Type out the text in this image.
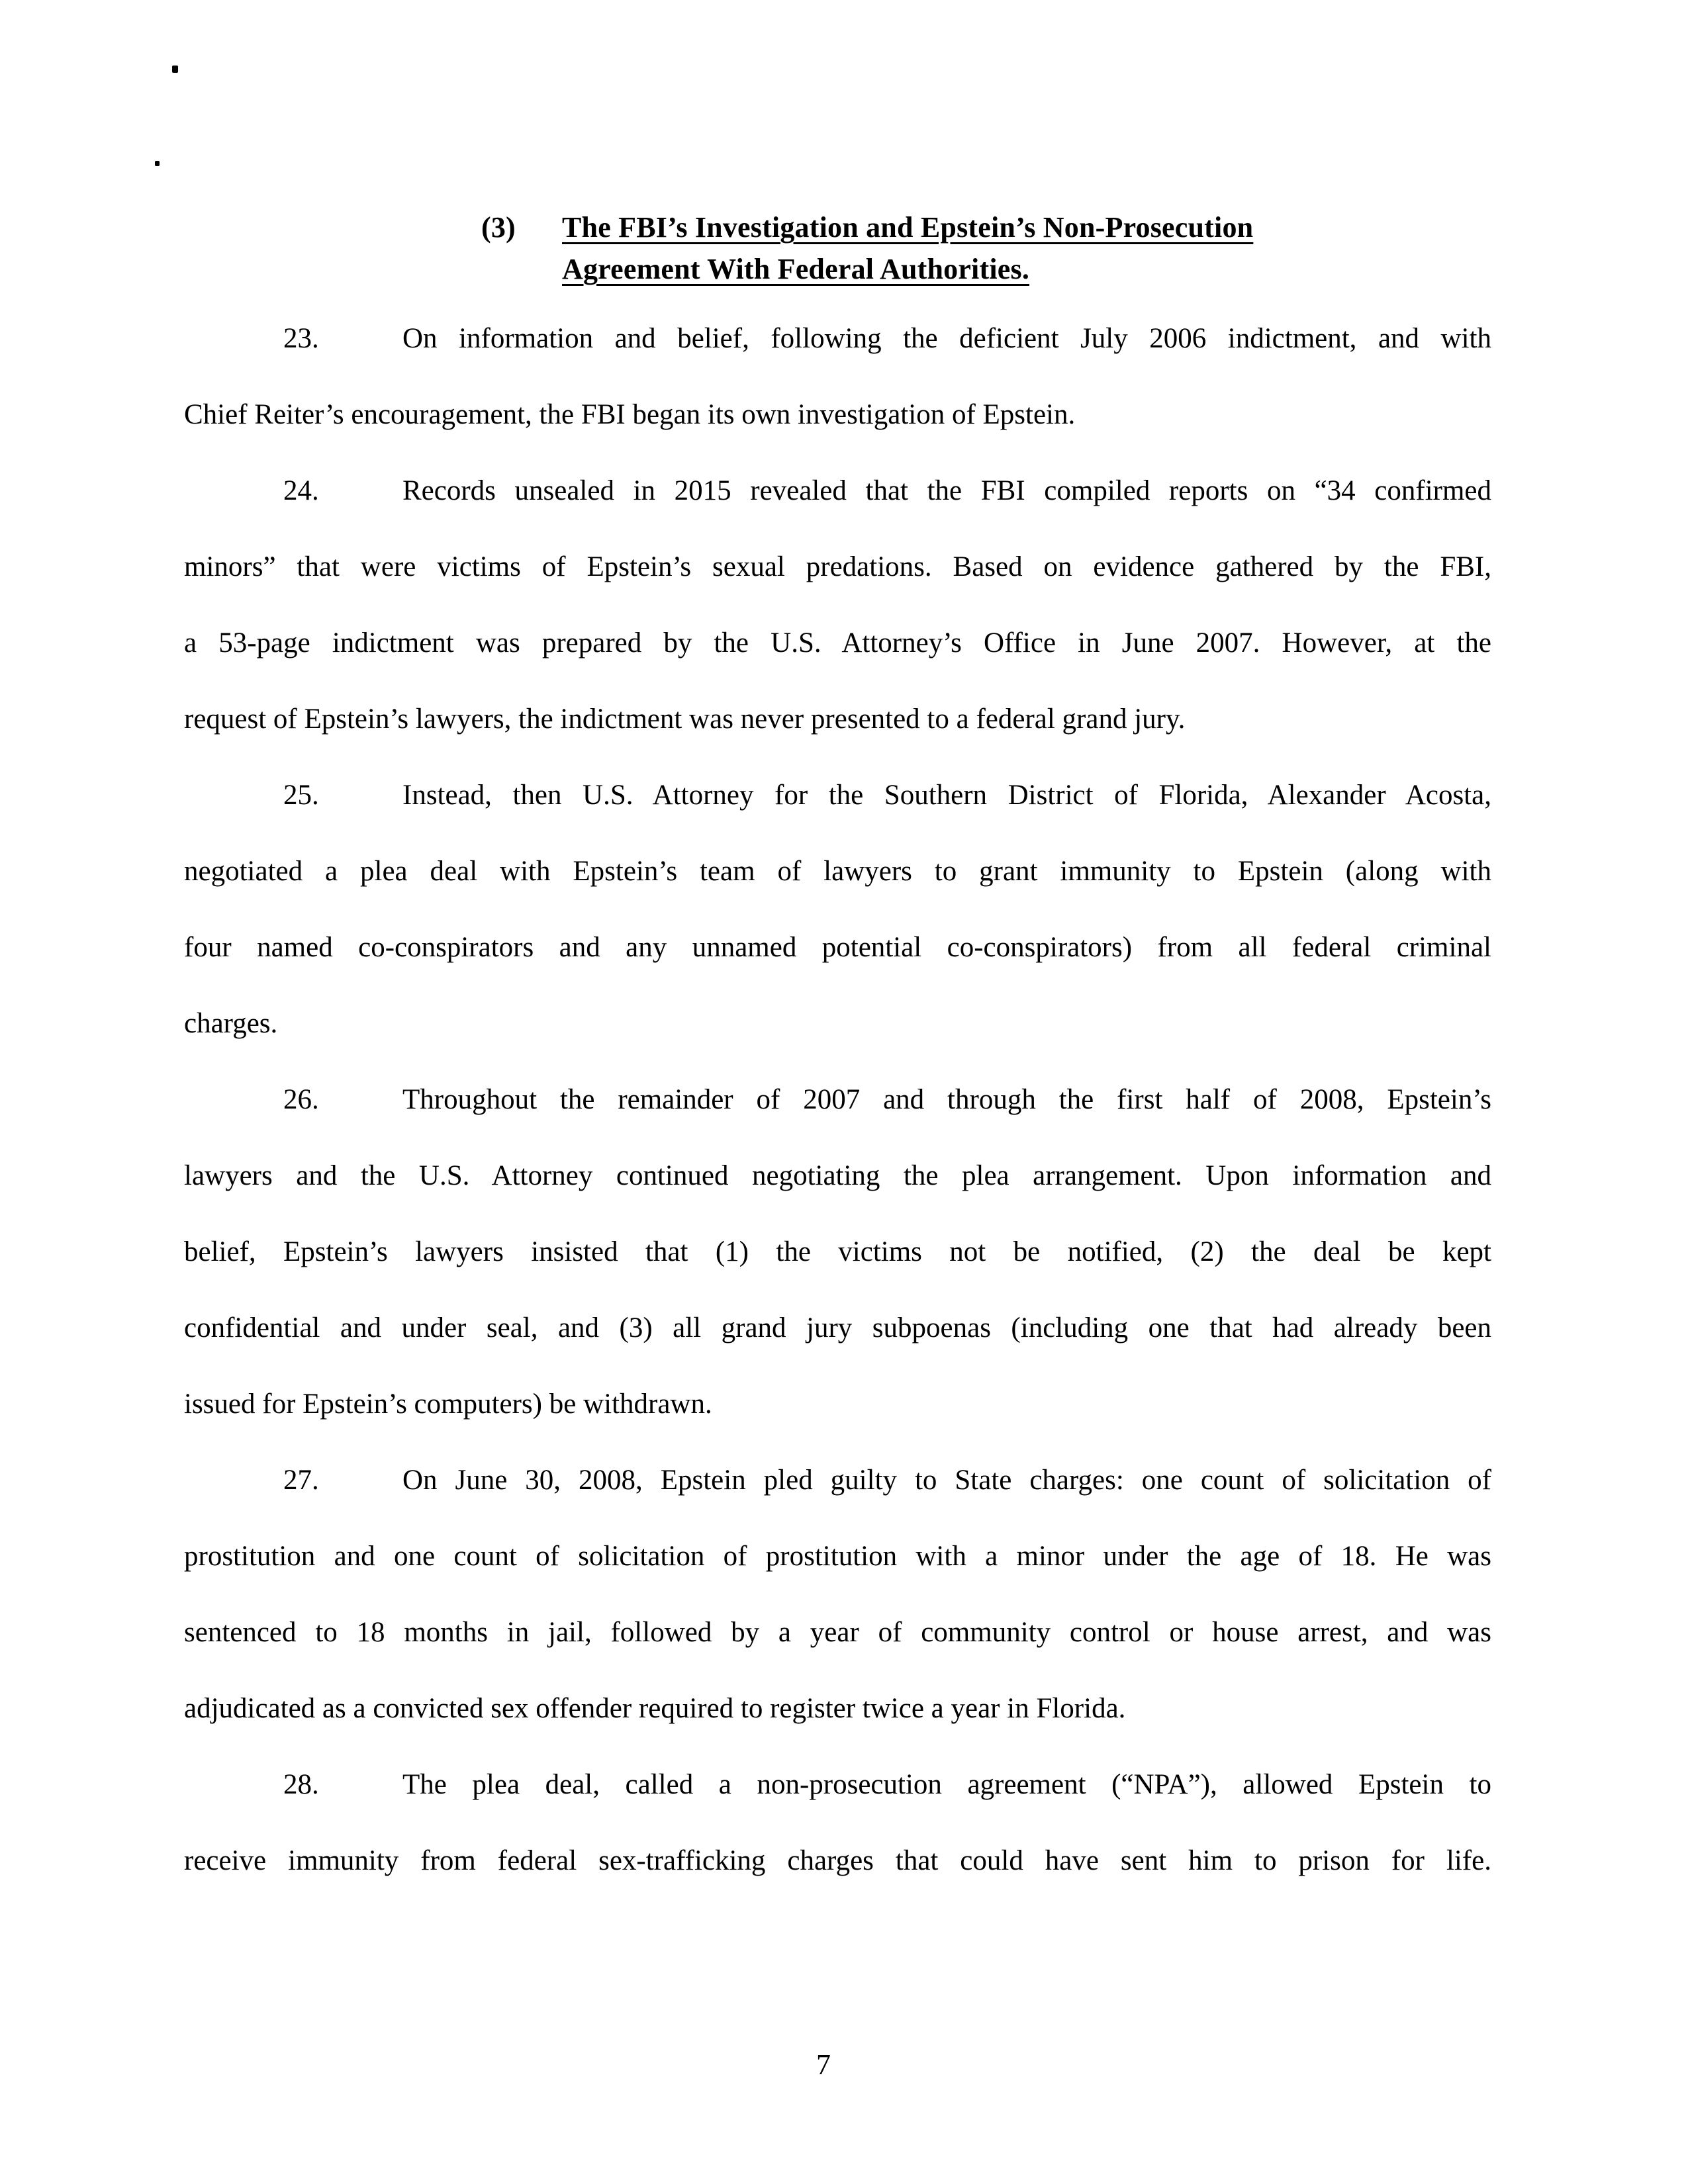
(3) The FBI’s Investigation and Epstein’s Non-Prosecution
Agreement With Federal Authorities.
23.	On information and belief, following the deficient July 2006 indictment, and with
Chief Reiter’s encouragement, the FBI began its own investigation of Epstein.
24.	Records unsealed in 2015 revealed that the FBI compiled reports on “34 confirmed
minors” that were victims of Epstein’s sexual predations. Based on evidence gathered by the FBI,
a 53-page indictment was prepared by the U.S. Attorney’s Office in June 2007. However, at the
request of Epstein’s lawyers, the indictment was never presented to a federal grand jury.
25.	Instead, then U.S. Attorney for the Southern District of Florida, Alexander Acosta,
negotiated a plea deal with Epstein’s team of lawyers to grant immunity to Epstein (along with
four named co-conspirators and any unnamed potential co-conspirators) from all federal criminal
charges.
26.	Throughout the remainder of 2007 and through the first half of 2008, Epstein’s
lawyers and the U.S. Attorney continued negotiating the plea arrangement. Upon information and
belief, Epstein’s lawyers insisted that (1) the victims not be notified, (2) the deal be kept
confidential and under seal, and (3) all grand jury subpoenas (including one that had already been
issued for Epstein’s computers) be withdrawn.
27.	On June 30, 2008, Epstein pled guilty to State charges: one count of solicitation of
prostitution and one count of solicitation of prostitution with a minor under the age of 18. He was
sentenced to 18 months in jail, followed by a year of community control or house arrest, and was
adjudicated as a convicted sex offender required to register twice a year in Florida.
28.	The plea deal, called a non-prosecution agreement (“NPA”), allowed Epstein to
receive immunity from federal sex-trafficking charges that could have sent him to prison for life.
7
